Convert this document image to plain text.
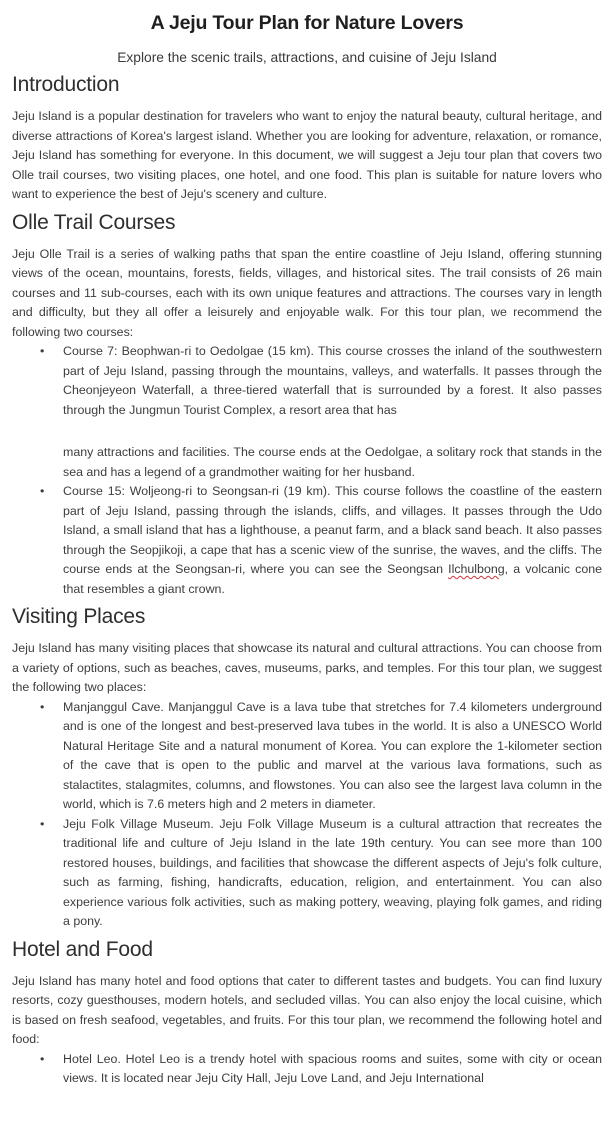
A Jeju Tour Plan for Nature Lovers

Explore the scenic trails, attractions, and cuisine of Jeju Island

Introduction

Jeju Island is a popular destination for travelers who want to enjoy the natural beauty, cultural heritage, and diverse attractions of Korea's largest island. Whether you are looking for adventure, relaxation, or romance, Jeju Island has something for everyone. In this document, we will suggest a Jeju tour plan that covers two Olle trail courses, two visiting places, one hotel, and one food. This plan is suitable for nature lovers who want to experience the best of Jeju's scenery and culture.

Olle Trail Courses

Jeju Olle Trail is a series of walking paths that span the entire coastline of Jeju Island, offering stunning views of the ocean, mountains, forests, fields, villages, and historical sites. The trail consists of 26 main courses and 11 sub-courses, each with its own unique features and attractions. The courses vary in length and difficulty, but they all offer a leisurely and enjoyable walk. For this tour plan, we recommend the following two courses:

• Course 7: Beophwan-ri to Oedolgae (15 km). This course crosses the inland of the southwestern part of Jeju Island, passing through the mountains, valleys, and waterfalls. It passes through the Cheonjeyeon Waterfall, a three-tiered waterfall that is surrounded by a forest. It also passes through the Jungmun Tourist Complex, a resort area that has
many attractions and facilities. The course ends at the Oedolgae, a solitary rock that stands in the sea and has a legend of a grandmother waiting for her husband.
• Course 15: Woljeong-ri to Seongsan-ri (19 km). This course follows the coastline of the eastern part of Jeju Island, passing through the islands, cliffs, and villages. It passes through the Udo Island, a small island that has a lighthouse, a peanut farm, and a black sand beach. It also passes through the Seopjikoji, a cape that has a scenic view of the sunrise, the waves, and the cliffs. The course ends at the Seongsan-ri, where you can see the Seongsan Ilchulbong, a volcanic cone that resembles a giant crown.
Visiting Places

Jeju Island has many visiting places that showcase its natural and cultural attractions. You can choose from a variety of options, such as beaches, caves, museums, parks, and temples. For this tour plan, we suggest the following two places:

• Manjanggul Cave. Manjanggul Cave is a lava tube that stretches for 7.4 kilometers underground and is one of the longest and best-preserved lava tubes in the world. It is also a UNESCO World Natural Heritage Site and a natural monument of Korea. You can explore the 1-kilometer section of the cave that is open to the public and marvel at the various lava formations, such as stalactites, stalagmites, columns, and flowstones. You can also see the largest lava column in the world, which is 7.6 meters high and 2 meters in diameter.
• Jeju Folk Village Museum. Jeju Folk Village Museum is a cultural attraction that recreates the traditional life and culture of Jeju Island in the late 19th century. You can see more than 100 restored houses, buildings, and facilities that showcase the different aspects of Jeju's folk culture, such as farming, fishing, handicrafts, education, religion, and entertainment. You can also experience various folk activities, such as making pottery, weaving, playing folk games, and riding a pony.
Hotel and Food

Jeju Island has many hotel and food options that cater to different tastes and budgets. You can find luxury resorts, cozy guesthouses, modern hotels, and secluded villas. You can also enjoy the local cuisine, which is based on fresh seafood, vegetables, and fruits. For this tour plan, we recommend the following hotel and food:

• Hotel Leo. Hotel Leo is a trendy hotel with spacious rooms and suites, some with city or ocean views. It is located near Jeju City Hall, Jeju Love Land, and Jeju International
